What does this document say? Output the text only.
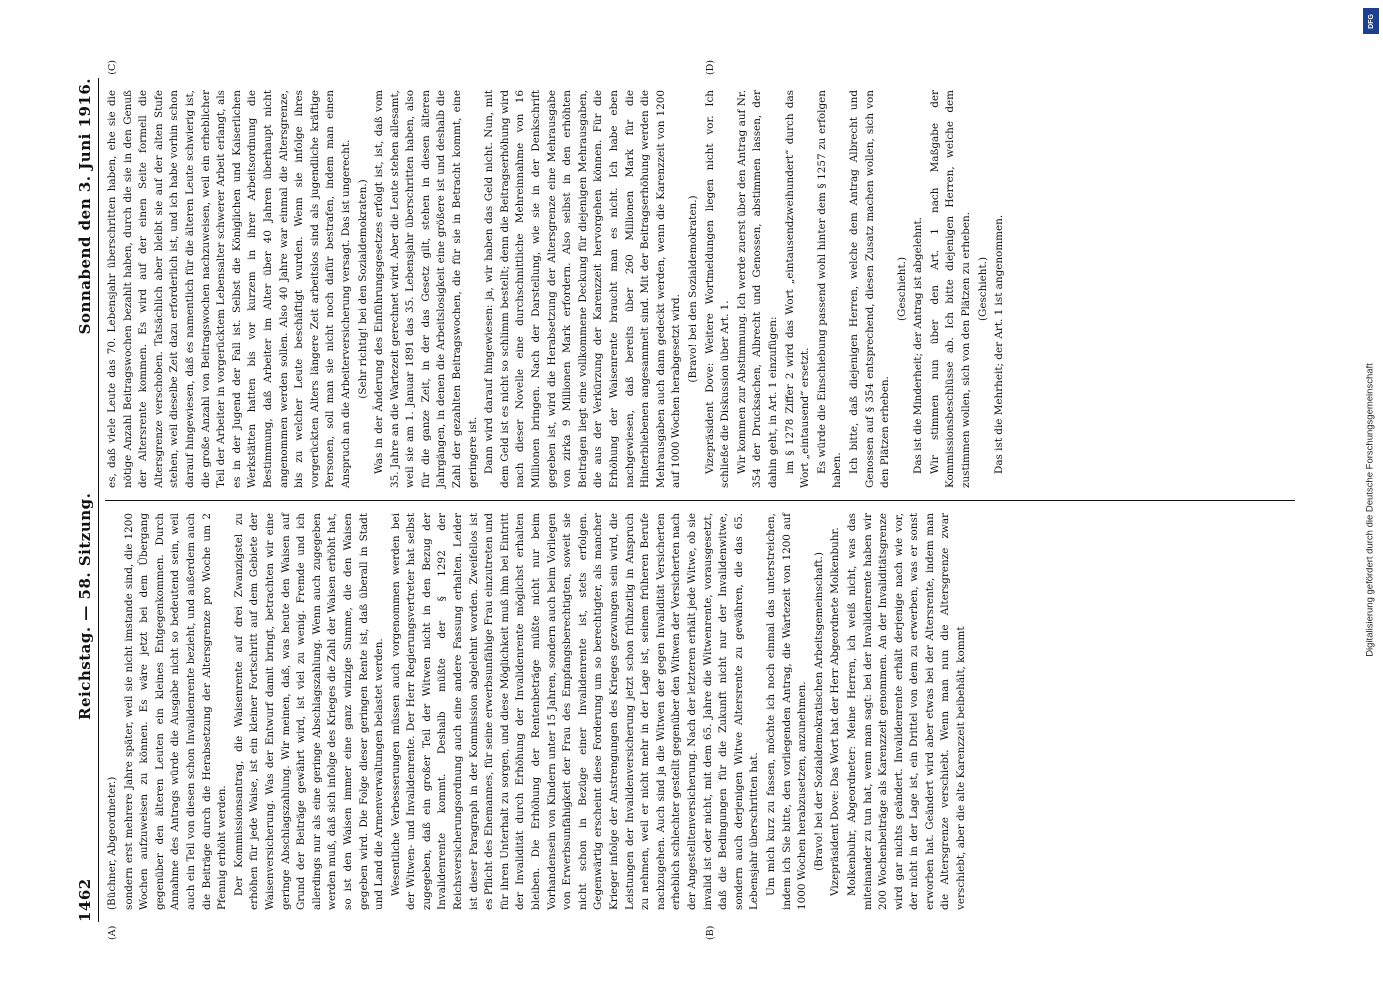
DFG
Digitalisierung gefördert durch die Deutsche Forschungsgemeinschaft
1462
Reichstag. — 58. Sitzung.
Sonnabend den 3. Juni 1916.
(A)	(B)
(C)	(D)

(Büchner, Abgeordneter.) sondern erst mehrere Jahre später, weil sie nicht imstande sind, die 1200 Wochen aufzuweisen zu können. Es wäre jetzt bei dem Übergang gegenüber den älteren Leuten ein kleines Entgegenkommen. Durch Annahme des Antrags würde die Ausgabe nicht so bedeutend sein, weil auch ein Teil von diesen schon Invalidenrente bezieht, und außerdem auch die Beiträge durch die Herabsetzung der Altersgrenze pro Woche um 2 Pfennig erhöht werden. Der Kommissionsantrag, die Waisenrente auf drei Zwanzigstel zu erhöhen für jede Waise, ist ein kleiner Fortschritt auf dem Gebiete der Waisenversicherung. Was der Entwurf damit bringt, betrachten wir eine geringe Abschlagszahlung. Wir meinen, daß, was heute den Waisen auf Grund der Beiträge gewährt wird, ist viel zu wenig. Fremde und ich allerdings nur als eine geringe Abschlagszahlung. Wenn auch zugegeben werden muß, daß sich infolge des Krieges die Zahl der Waisen erhöht hat, so ist den Waisen immer eine ganz winzige Summe, die den Waisen gegeben wird. Die Folge dieser geringen Rente ist, daß überall in Stadt und Land die Armenverwaltungen belastet werden. Wesentliche Verbesserungen müssen auch vorgenommen werden bei der Witwen- und Invalidenrente. Der Herr Regierungsvertreter hat selbst zugegeben, daß ein großer Teil der Witwen nicht in den Bezug der Invalidenrente kommt. Deshalb müßte der § 1292 der Reichsversicherungsordnung auch eine andere Fassung erhalten. Leider ist dieser Paragraph in der Kommission abgelehnt worden. Zweifellos ist es Pflicht des Ehemannes, für seine erwerbsunfähige Frau einzutreten und für ihren Unterhalt zu sorgen, und diese Möglichkeit muß ihm bei Eintritt der Invalidität durch Erhöhung der Invalidenrente möglichst erhalten bleiben. Die Erhöhung der Rentenbeträge müßte nicht nur beim Vorhandensein von Kindern unter 15 Jahren, sondern auch beim Vorliegen von Erwerbsunfähigkeit der Frau des Empfangsberechtigten, soweit sie nicht schon in Bezüge einer Invalidenrente ist, stets erfolgen. Gegenwärtig erscheint diese Forderung um so berechtigter, als mancher Krieger infolge der Anstrengungen des Krieges gezwungen sein wird, die Leistungen der Invalidenversicherung jetzt schon frühzeitig in Anspruch zu nehmen, weil er nicht mehr in der Lage ist, seinem früheren Berufe nachzugehen. Auch sind ja die Witwen der gegen Invalidität Versicherten erheblich schlechter gestellt gegenüber den Witwen der Versicherten nach der Angestelltenversicherung. Nach der letzteren erhält jede Witwe, ob sie invalid ist oder nicht, mit dem 65. Jahre die Witwenrente, vorausgesetzt, daß die Bedingungen für die Zukunft nicht nur der Invalidenwitwe, sondern auch derjenigen Witwe Altersrente zu gewähren, die das 65. Lebensjahr überschritten hat. Um mich kurz zu fassen, möchte ich noch einmal das unterstreichen, indem ich Sie bitte, den vorliegenden Antrag, die Wartezeit von 1200 auf 1000 Wochen herabzusetzen, anzunehmen. (Bravo! bei der Sozialdemokratischen Arbeitsgemeinschaft.) Vizepräsident Dove: Das Wort hat der Herr Abgeordnete Molkenbuhr. Molkenbuhr, Abgeordneter: Meine Herren, ich weiß nicht, was das miteinander zu tun hat, wenn man sagt: bei der Invalidenrente haben wir 200 Wochenbeiträge als Karenzzeit genommen. An der Invaliditätsgrenze wird gar nichts geändert. Invalidenrente erhält derjenige nach wie vor, der nicht in der Lage ist, ein Drittel von dem zu erwerben, was er sonst erworben hat. Geändert wird aber etwas bei der Altersrente, indem man die Altersgrenze verschiebt. Wenn man nun die Altersgrenze zwar verschiebt, aber die alte Karenzzeit beibehält, kommt

es, daß viele Leute das 70. Lebensjahr überschritten haben, ehe sie die nötige Anzahl Beitragswochen bezahlt haben, durch die sie in den Genuß der Altersrente kommen. Es wird auf der einen Seite formell die Altersgrenze verschoben. Tatsächlich aber bleibt sie auf der alten Stufe stehen, weil dieselbe Zeit dazu erforderlich ist, und ich habe vorhin schon darauf hingewiesen, daß es namentlich für die älteren Leute schwierig ist, die große Anzahl von Beitragswochen nachzuweisen, weil ein erheblicher Teil der Arbeiter in vorgerücktem Lebensalter schwerer Arbeit erlangt, als es in der Jugend der Fall ist. Selbst die Königlichen und Kaiserlichen Werkstätten hatten bis vor kurzem in ihrer Arbeitsordnung die Bestimmung, daß Arbeiter im Alter über 40 Jahren überhaupt nicht angenommen werden sollen. Also 40 Jahre war einmal die Altersgrenze, bis zu welcher Leute beschäftigt wurden. Wenn sie infolge ihres vorgerückten Alters längere Zeit arbeitslos sind als jugendliche kräftige Personen, soll man sie nicht noch dafür bestrafen, indem man einen Anspruch an die Arbeiterversicherung versagt. Das ist ungerecht. (Sehr richtig! bei den Sozialdemokraten.) Was in der Änderung des Einführungsgesetzes erfolgt ist, ist, daß vom 35. Jahre an die Wartezeit gerechnet wird. Aber die Leute stehen allesamt, weil sie am 1. Januar 1891 das 35. Lebensjahr überschritten haben, also für die ganze Zeit, in der das Gesetz gilt, stehen in diesen älteren Jahrgängen, in denen die Arbeitslosigkeit eine größere ist und deshalb die Zahl der gezahlten Beitragswochen, die für sie in Betracht kommt, eine geringere ist. Dann wird darauf hingewiesen: ja, wir haben das Geld nicht. Nun, mit dem Geld ist es nicht so schlimm bestellt; denn die Beitragserhöhung wird nach dieser Novelle eine durchschnittliche Mehreinnahme von 16 Millionen bringen. Nach der Darstellung, wie sie in der Denkschrift gegeben ist, wird die Herabsetzung der Altersgrenze eine Mehrausgabe von zirka 9 Millionen Mark erfordern. Also selbst in den erhöhten Beiträgen liegt eine vollkommene Deckung für diejenigen Mehrausgaben, die aus der Verkürzung der Karenzzeit hervorgehen können. Für die Erhöhung der Waisenrente braucht man es nicht. Ich habe eben nachgewiesen, daß bereits über 260 Millionen Mark für die Hinterbliebenen angesammelt sind. Mit der Beitragserhöhung werden die Mehrausgaben auch dann gedeckt werden, wenn die Karenzzeit von 1200 auf 1000 Wochen herabgesetzt wird.

(Bravo! bei den Sozialdemokraten.) Vizepräsident Dove: Weitere Wortmeldungen liegen nicht vor. Ich schließe die Diskussion über Art. 1. Wir kommen zur Abstimmung. Ich werde zuerst über den Antrag auf Nr. 354 der Drucksachen, Albrecht und Genossen, abstimmen lassen, der dahin geht, in Art. 1 einzufügen: im § 1278 Ziffer 2 wird das Wort „eintausendzweihundert“ durch das Wort „eintausend“ ersetzt. Es würde die Einschiebung passend wohl hinter dem § 1257 zu erfolgen haben. Ich bitte, daß diejenigen Herren, welche dem Antrag Albrecht und Genossen auf § 354 entsprechend, diesen Zusatz machen wollen, sich von den Plätzen erheben.

(Geschieht.) Das ist die Minderheit; der Antrag ist abgelehnt. Wir stimmen nun über den Art. 1 nach Maßgabe der Kommissionsbeschlüsse ab. Ich bitte diejenigen Herren, welche dem zustimmen wollen, sich von den Plätzen zu erheben. (Geschieht.) Das ist die Mehrheit; der Art. 1 ist angenommen.
